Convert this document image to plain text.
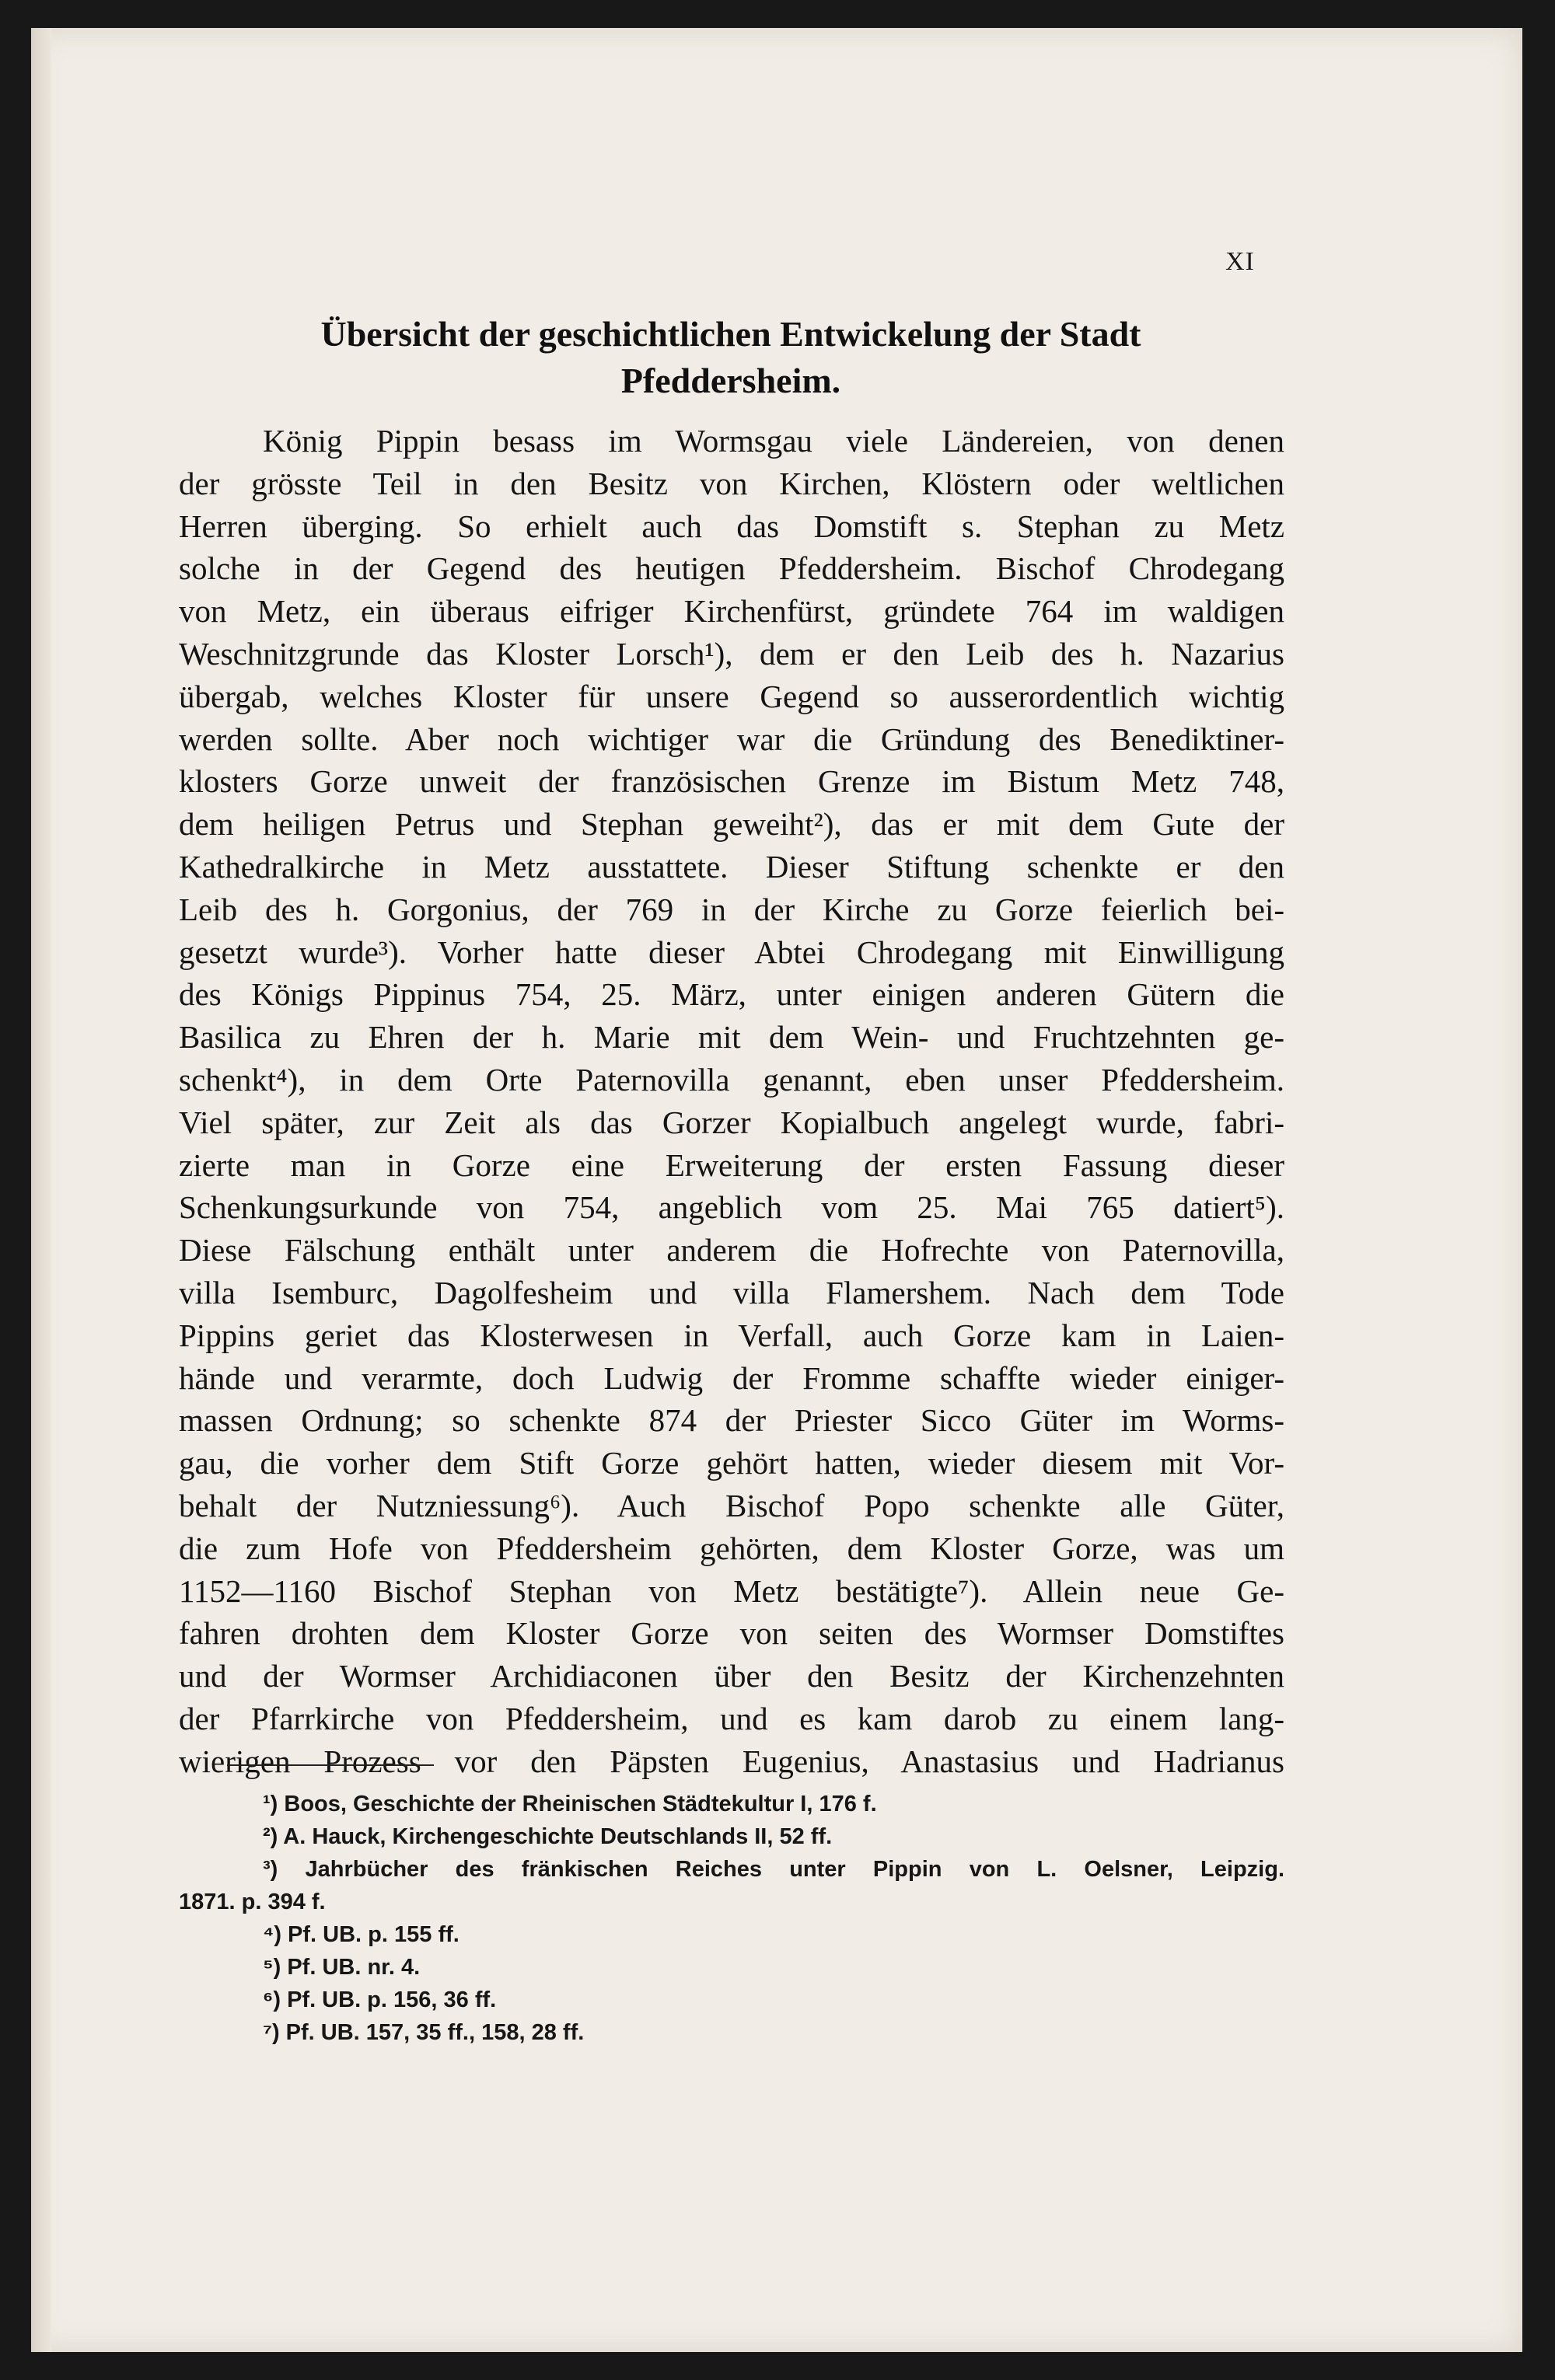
XI
Übersicht der geschichtlichen Entwickelung der Stadt
Pfeddersheim.
König Pippin besass im Wormsgau viele Ländereien, von denen
der grösste Teil in den Besitz von Kirchen, Klöstern oder weltlichen
Herren überging. So erhielt auch das Domstift s. Stephan zu Metz
solche in der Gegend des heutigen Pfeddersheim. Bischof Chrodegang
von Metz, ein überaus eifriger Kirchenfürst, gründete 764 im waldigen
Weschnitzgrunde das Kloster Lorsch¹), dem er den Leib des h. Nazarius
übergab, welches Kloster für unsere Gegend so ausserordentlich wichtig
werden sollte. Aber noch wichtiger war die Gründung des Benediktiner-
klosters Gorze unweit der französischen Grenze im Bistum Metz 748,
dem heiligen Petrus und Stephan geweiht²), das er mit dem Gute der
Kathedralkirche in Metz ausstattete. Dieser Stiftung schenkte er den
Leib des h. Gorgonius, der 769 in der Kirche zu Gorze feierlich bei-
gesetzt wurde³). Vorher hatte dieser Abtei Chrodegang mit Einwilligung
des Königs Pippinus 754, 25. März, unter einigen anderen Gütern die
Basilica zu Ehren der h. Marie mit dem Wein- und Fruchtzehnten ge-
schenkt⁴), in dem Orte Paternovilla genannt, eben unser Pfeddersheim.
Viel später, zur Zeit als das Gorzer Kopialbuch angelegt wurde, fabri-
zierte man in Gorze eine Erweiterung der ersten Fassung dieser
Schenkungsurkunde von 754, angeblich vom 25. Mai 765 datiert⁵).
Diese Fälschung enthält unter anderem die Hofrechte von Paternovilla,
villa Isemburc, Dagolfesheim und villa Flamershem. Nach dem Tode
Pippins geriet das Klosterwesen in Verfall, auch Gorze kam in Laien-
hände und verarmte, doch Ludwig der Fromme schaffte wieder einiger-
massen Ordnung; so schenkte 874 der Priester Sicco Güter im Worms-
gau, die vorher dem Stift Gorze gehört hatten, wieder diesem mit Vor-
behalt der Nutzniessung⁶). Auch Bischof Popo schenkte alle Güter,
die zum Hofe von Pfeddersheim gehörten, dem Kloster Gorze, was um
1152—1160 Bischof Stephan von Metz bestätigte⁷). Allein neue Ge-
fahren drohten dem Kloster Gorze von seiten des Wormser Domstiftes
und der Wormser Archidiaconen über den Besitz der Kirchenzehnten
der Pfarrkirche von Pfeddersheim, und es kam darob zu einem lang-
wierigen Prozess vor den Päpsten Eugenius, Anastasius und Hadrianus
¹) Boos, Geschichte der Rheinischen Städtekultur I, 176 f.
²) A. Hauck, Kirchengeschichte Deutschlands II, 52 ff.
³) Jahrbücher des fränkischen Reiches unter Pippin von L. Oelsner, Leipzig.
1871. p. 394 f.
⁴) Pf. UB. p. 155 ff.
⁵) Pf. UB. nr. 4.
⁶) Pf. UB. p. 156, 36 ff.
⁷) Pf. UB. 157, 35 ff., 158, 28 ff.
